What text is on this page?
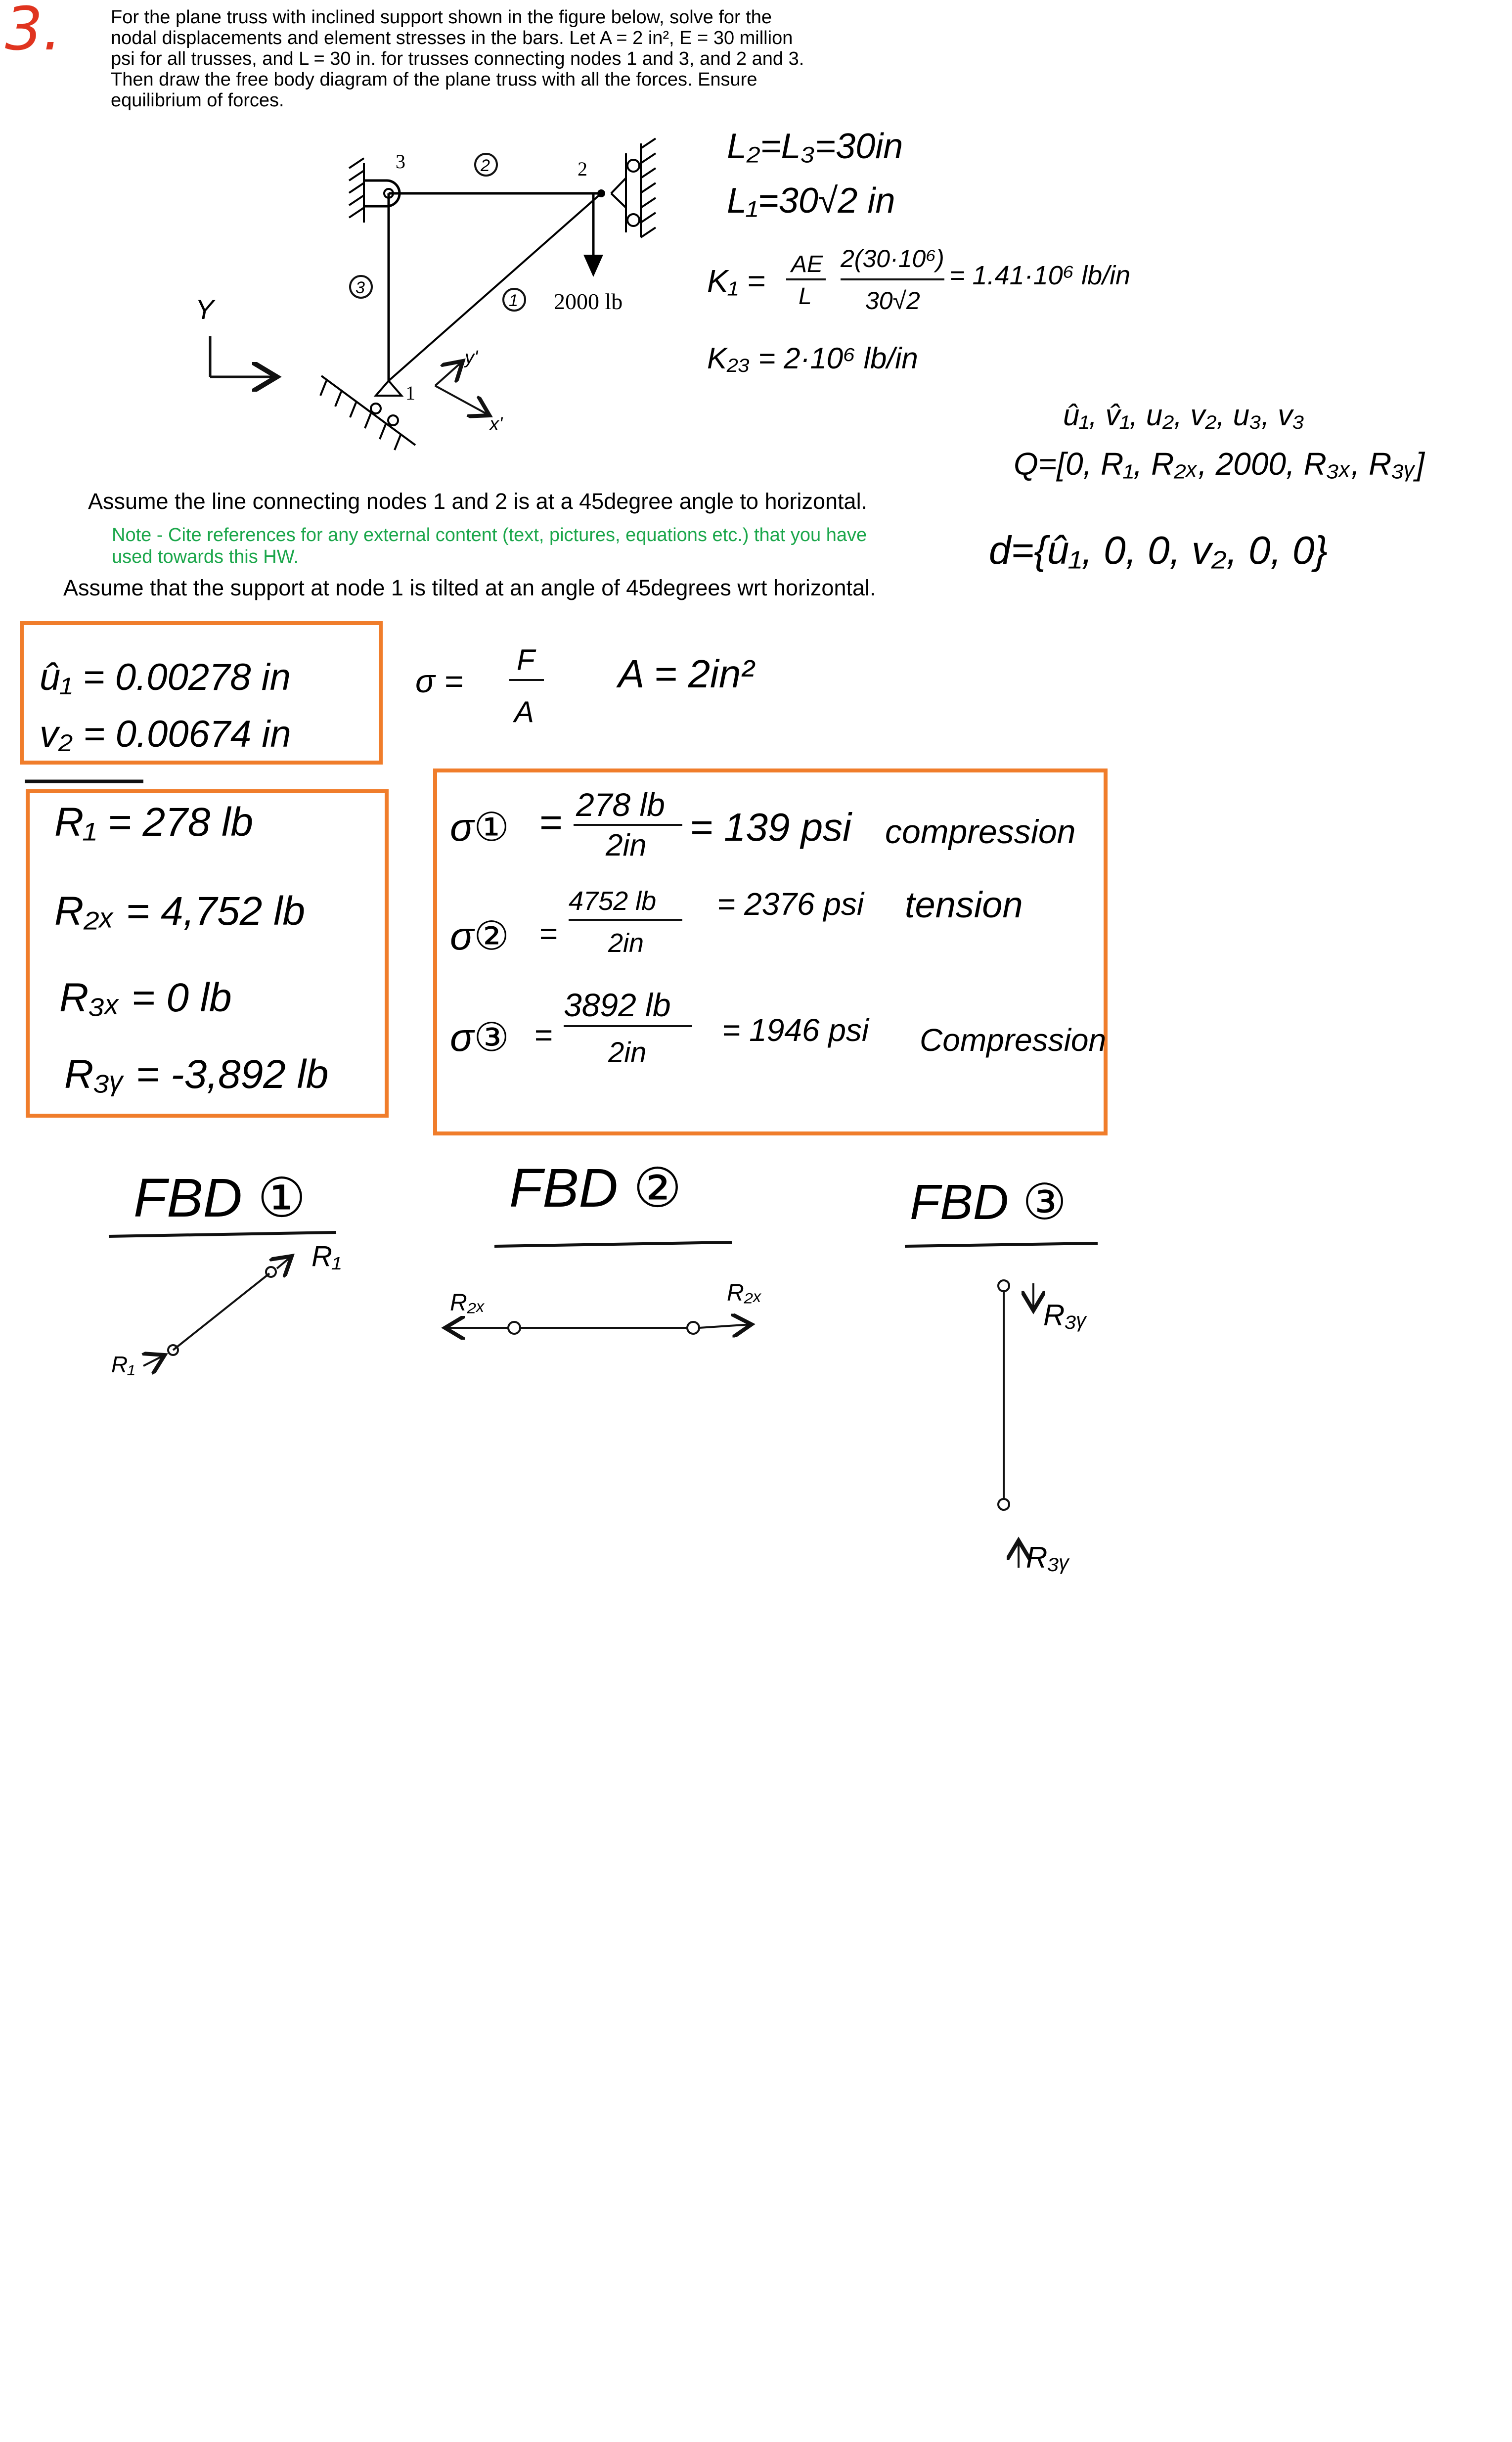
3.	For the plane truss with inclined support shown in the figure below, solve for the
nodal displacements and element stresses in the bars. Let A = 2 in², E = 30 million
psi for all trusses, and L = 30 in. for trusses connecting nodes 1 and 3, and 2 and 3.
Then draw the free body diagram of the plane truss with all the forces. Ensure
equilibrium of forces.
Assume the line connecting nodes 1 and 2 is at a 45degree angle to horizontal.
Note - Cite references for any external content (text, pictures, equations etc.) that you have used towards this HW.
Assume that the support at node 1 is tilted at an angle of 45degrees wrt horizontal.
3	2
1
2
3
1 2000 lb
Y
y'
x'
L₂=L₃=30in
L₁=30√2 in
K₁ = AE
L
2(30·10⁶)
30√2
= 1.41·10⁶ lb/in
K₂₃ = 2·10⁶ lb/in
û₁, v̂₁, u₂, v₂, u₃, v₃
Q=[0, R₁, R₂ₓ, 2000, R₃ₓ, R₃ᵧ]
d={û₁, 0, 0, v₂, 0, 0}
σ =
F
A
A = 2in²
û₁ = 0.00278 in
v₂ = 0.00674 in
R₁ = 278 lb
R₂ₓ = 4,752 lb
R₃ₓ = 0 lb
R₃ᵧ = -3,892 lb
σ① = 278 lb
2in = 139 psi compression
σ② =
4752 lb
2in
= 2376 psi tension
σ③ =
3892 lb
2in
= 1946 psi Compression
FBD ①	FBD ②	FBD ③
R₁
R₁
R₂ₓ	R₂ₓ
R₃ᵧ
R₃ᵧ
